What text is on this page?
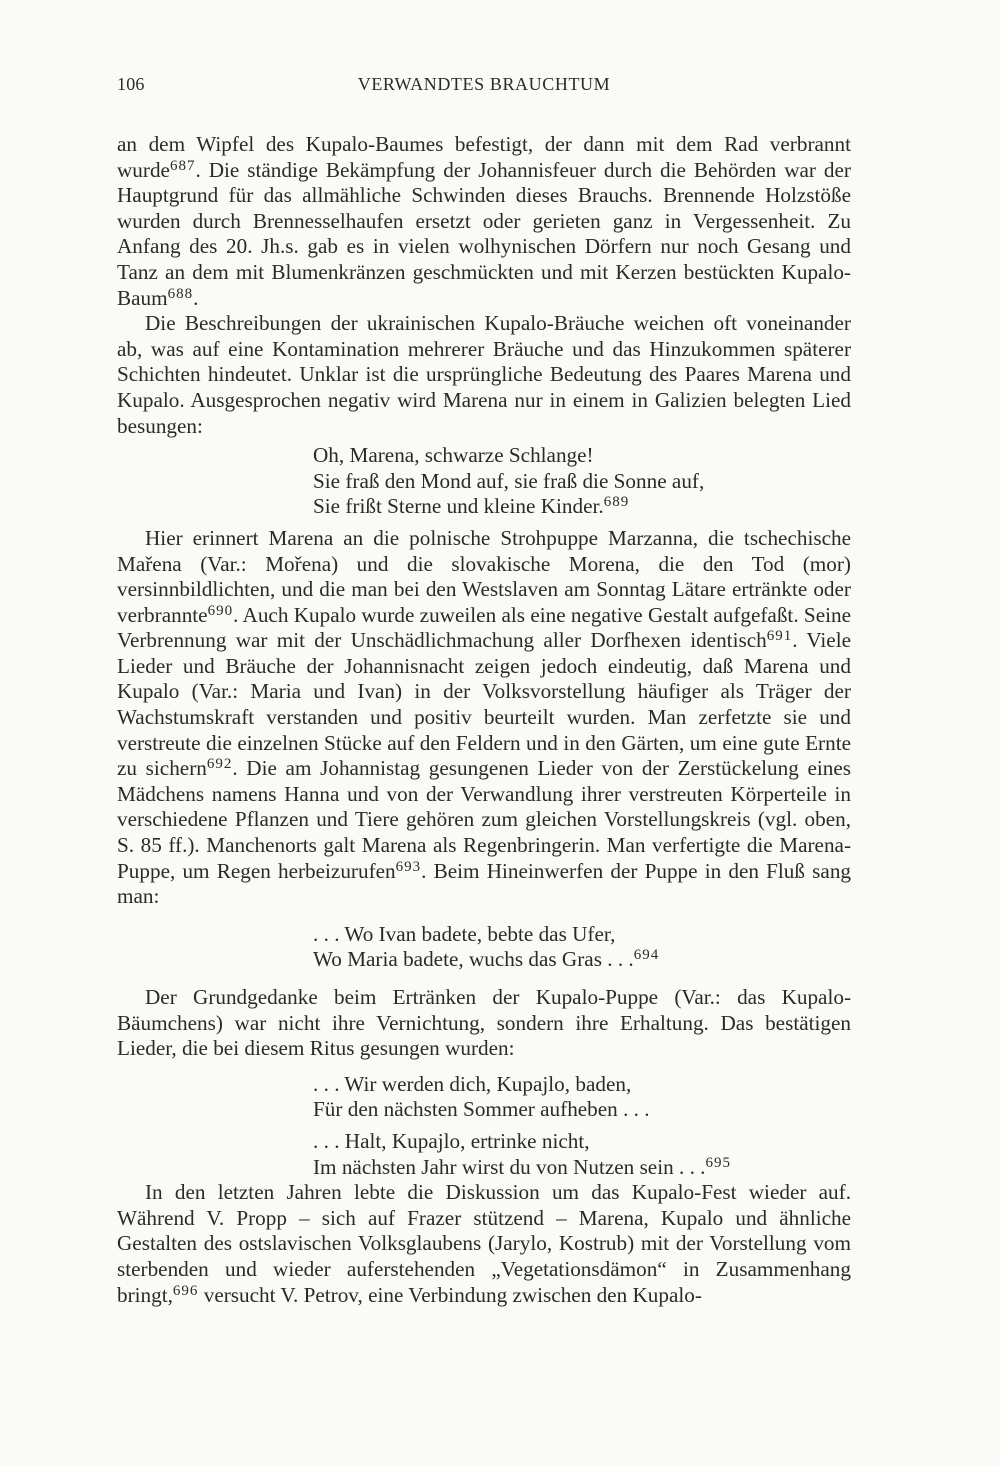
106	VERWANDTES BRAUCHTUM

an dem Wipfel des Kupalo-Baumes befestigt, der dann mit dem Rad verbrannt wurde$^{687}$. Die ständige Bekämpfung der Johannisfeuer durch die Behörden war der Hauptgrund für das allmähliche Schwinden dieses Brauchs. Brennende Holzstöße wurden durch Brennesselhaufen ersetzt oder gerieten ganz in Vergessenheit. Zu Anfang des 20. Jh.s. gab es in vielen wolhynischen Dörfern nur noch Gesang und Tanz an dem mit Blumenkränzen geschmückten und mit Kerzen bestückten Kupalo-Baum$^{688}$.

Die Beschreibungen der ukrainischen Kupalo-Bräuche weichen oft voneinander ab, was auf eine Kontamination mehrerer Bräuche und das Hinzukommen späterer Schichten hindeutet. Unklar ist die ursprüngliche Bedeutung des Paares Marena und Kupalo. Ausgesprochen negativ wird Marena nur in einem in Galizien belegten Lied besungen:

Oh, Marena, schwarze Schlange!
Sie fraß den Mond auf, sie fraß die Sonne auf,
Sie frißt Sterne und kleine Kinder.$^{689}$

Hier erinnert Marena an die polnische Strohpuppe Marzanna, die tschechische Mařena (Var.: Mořena) und die slovakische Morena, die den Tod (mor) versinnbildlichten, und die man bei den Westslaven am Sonntag Lätare ertränkte oder verbrannte$^{690}$. Auch Kupalo wurde zuweilen als eine negative Gestalt aufgefaßt. Seine Verbrennung war mit der Unschädlichmachung aller Dorfhexen identisch$^{691}$. Viele Lieder und Bräuche der Johannisnacht zeigen jedoch eindeutig, daß Marena und Kupalo (Var.: Maria und Ivan) in der Volksvorstellung häufiger als Träger der Wachstumskraft verstanden und positiv beurteilt wurden. Man zerfetzte sie und verstreute die einzelnen Stücke auf den Feldern und in den Gärten, um eine gute Ernte zu sichern$^{692}$. Die am Johannistag gesungenen Lieder von der Zerstückelung eines Mädchens namens Hanna und von der Verwandlung ihrer verstreuten Körperteile in verschiedene Pflanzen und Tiere gehören zum gleichen Vorstellungskreis (vgl. oben, S. 85 ff.). Manchenorts galt Marena als Regenbringerin. Man verfertigte die Marena-Puppe, um Regen herbeizurufen$^{693}$. Beim Hineinwerfen der Puppe in den Fluß sang man:

. . . Wo Ivan badete, bebte das Ufer,
Wo Maria badete, wuchs das Gras . . .$^{694}$

Der Grundgedanke beim Ertränken der Kupalo-Puppe (Var.: das Kupalo-Bäumchens) war nicht ihre Vernichtung, sondern ihre Erhaltung. Das bestätigen Lieder, die bei diesem Ritus gesungen wurden:

. . . Wir werden dich, Kupajlo, baden,
Für den nächsten Sommer aufheben . . .
. . . Halt, Kupajlo, ertrinke nicht,
Im nächsten Jahr wirst du von Nutzen sein . . .$^{695}$

In den letzten Jahren lebte die Diskussion um das Kupalo-Fest wieder auf. Während V. Propp – sich auf Frazer stützend – Marena, Kupalo und ähnliche Gestalten des ostslavischen Volksglaubens (Jarylo, Kostrub) mit der Vorstellung vom sterbenden und wieder auferstehenden „Vegetationsdämon“ in Zusammenhang bringt,$^{696}$ versucht V. Petrov, eine Verbindung zwischen den Kupalo-
